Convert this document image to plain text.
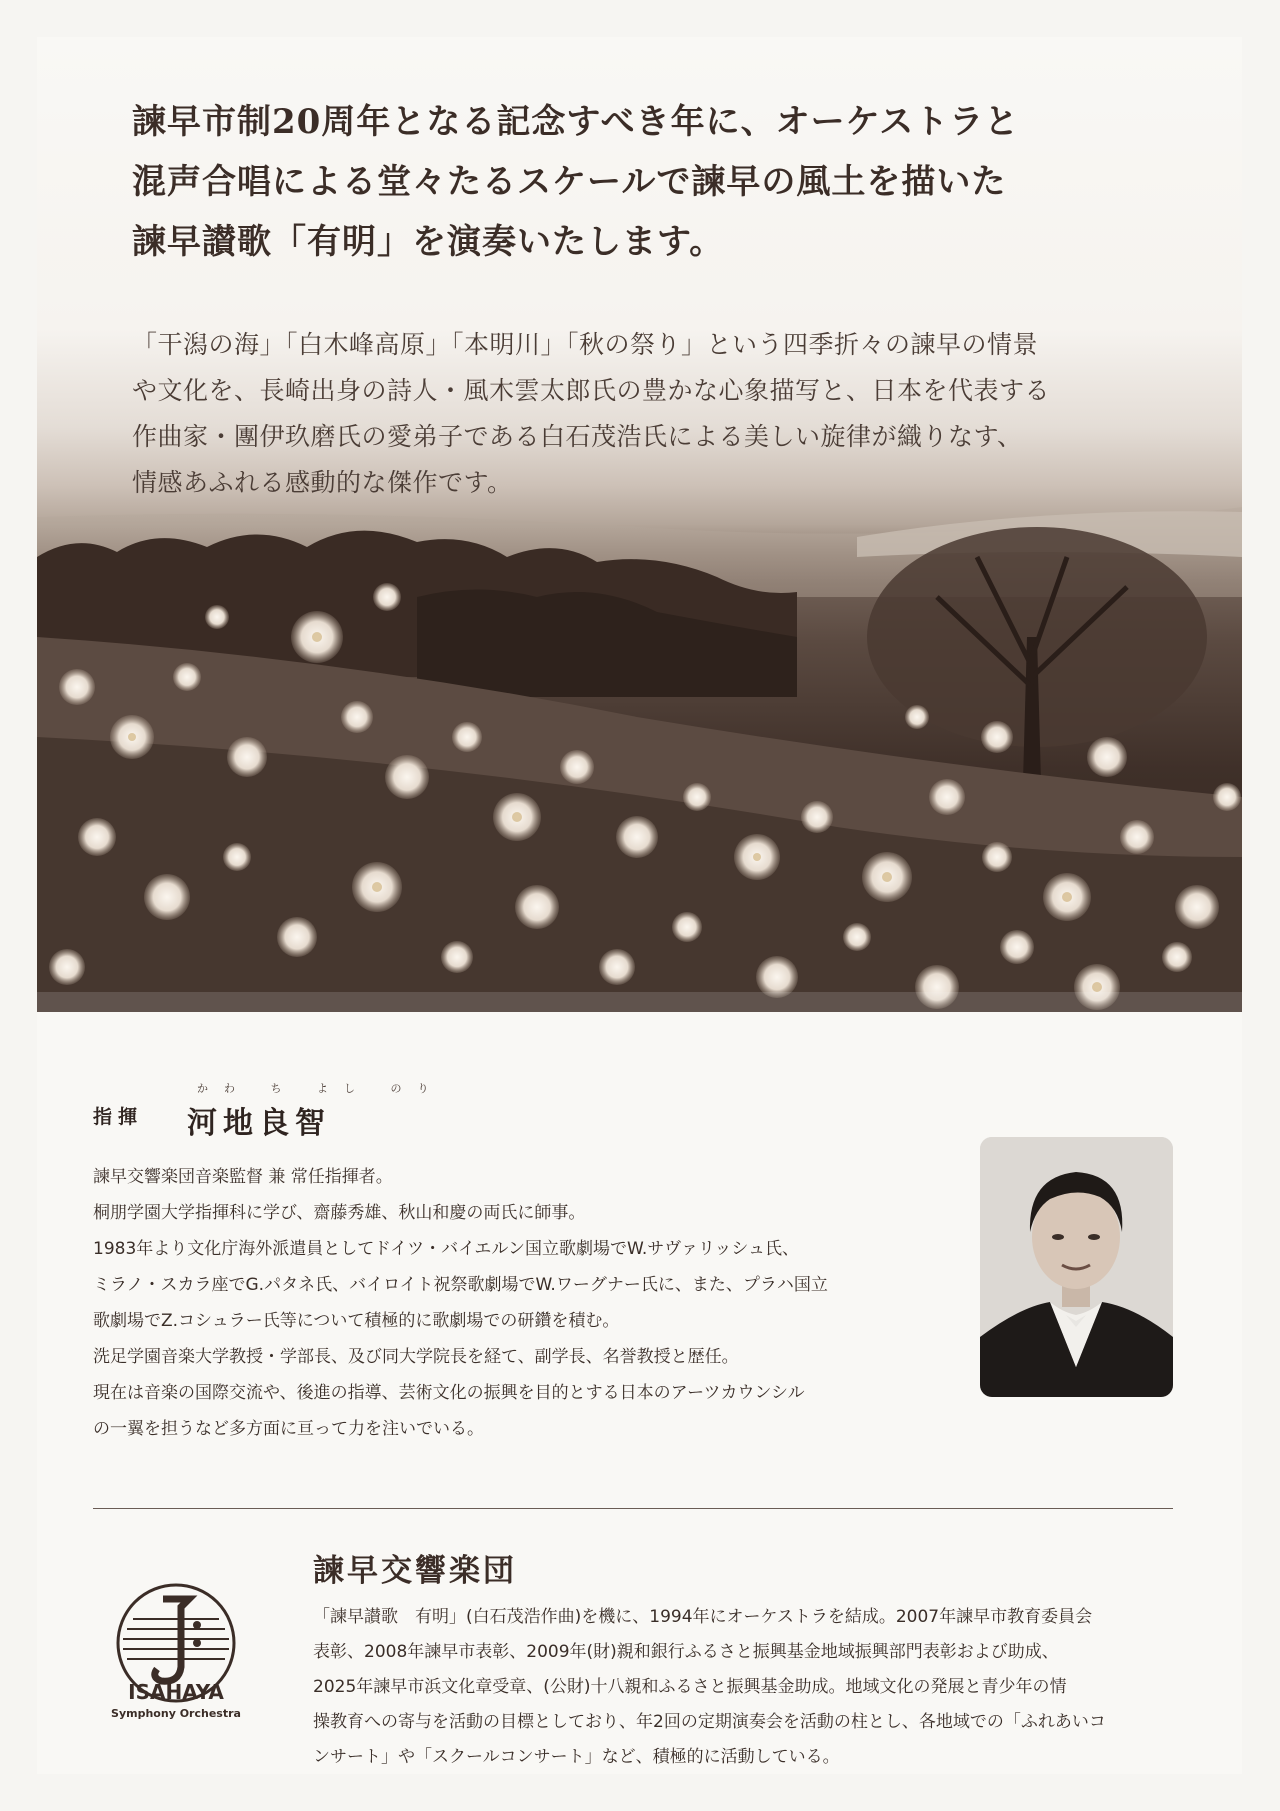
諫早市制20周年となる記念すべき年に、オーケストラと
混声合唱による堂々たるスケールで諫早の風土を描いた
諫早讃歌「有明」を演奏いたします。

「干潟の海」「白木峰高原」「本明川」「秋の祭り」という四季折々の諫早の情景
や文化を、長崎出身の詩人・風木雲太郎氏の豊かな心象描写と、日本を代表する
作曲家・團伊玖磨氏の愛弟子である白石茂浩氏による美しい旋律が織りなす、
情感あふれる感動的な傑作です。

指揮
かわ ち よし のり
河地良智

諫早交響楽団音楽監督 兼 常任指揮者。
桐朋学園大学指揮科に学び、齋藤秀雄、秋山和慶の両氏に師事。
1983年より文化庁海外派遣員としてドイツ・バイエルン国立歌劇場でW.サヴァリッシュ氏、
ミラノ・スカラ座でG.パタネ氏、バイロイト祝祭歌劇場でW.ワーグナー氏に、また、プラハ国立
歌劇場でZ.コシュラー氏等について積極的に歌劇場での研鑽を積む。
洗足学園音楽大学教授・学部長、及び同大学院長を経て、副学長、名誉教授と歴任。
現在は音楽の国際交流や、後進の指導、芸術文化の振興を目的とする日本のアーツカウンシル
の一翼を担うなど多方面に亘って力を注いでいる。

ISAHAYA
Symphony Orchestra
諫早交響楽団

「諫早讃歌　有明」(白石茂浩作曲)を機に、1994年にオーケストラを結成。2007年諫早市教育委員会
表彰、2008年諫早市表彰、2009年(財)親和銀行ふるさと振興基金地域振興部門表彰および助成、
2025年諫早市浜文化章受章、(公財)十八親和ふるさと振興基金助成。地域文化の発展と青少年の情
操教育への寄与を活動の目標としており、年2回の定期演奏会を活動の柱とし、各地域での「ふれあいコ
ンサート」や「スクールコンサート」など、積極的に活動している。
